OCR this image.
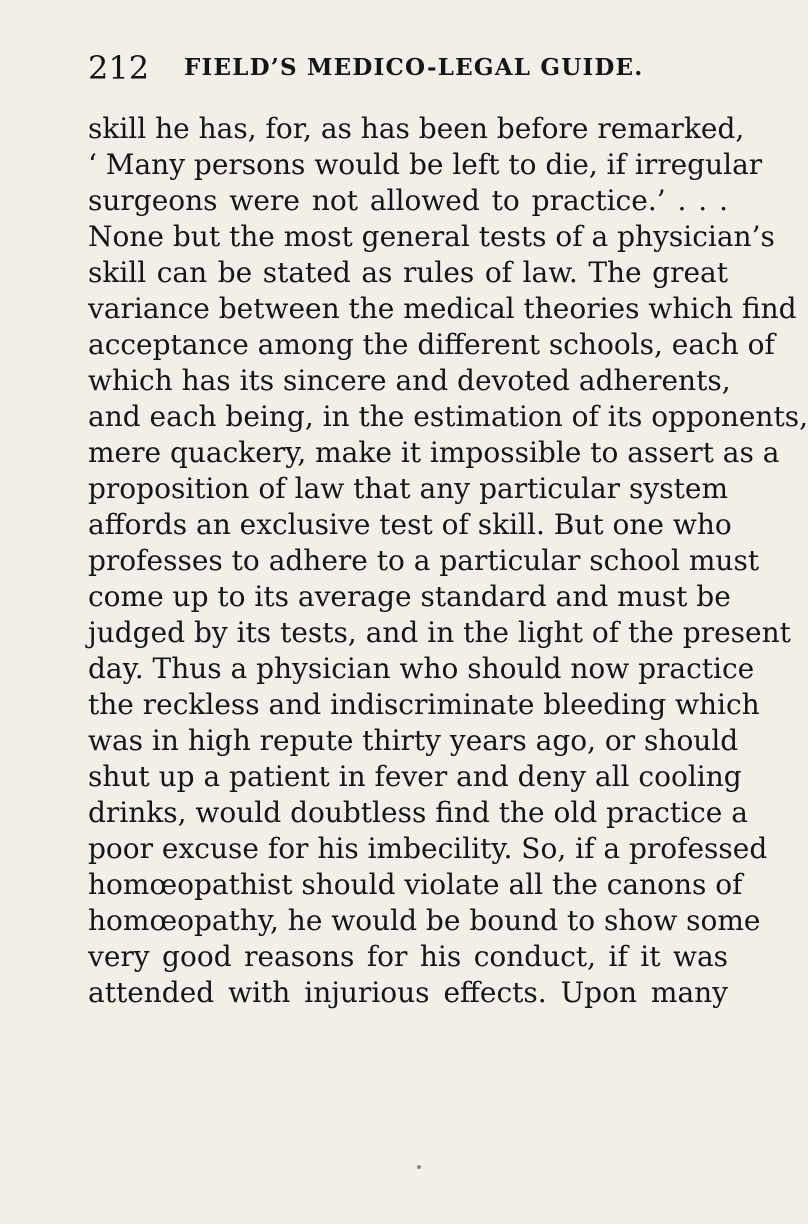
212 FIELD’S MEDICO-LEGAL GUIDE.
skill he has, for, as has been before remarked,
‘ Many persons would be left to die, if irregular
surgeons were not allowed to practice.’ . . .
None but the most general tests of a physician’s
skill can be stated as rules of law. The great
variance between the medical theories which find
acceptance among the different schools, each of
which has its sincere and devoted adherents,
and each being, in the estimation of its opponents,
mere quackery, make it impossible to assert as a
proposition of law that any particular system
affords an exclusive test of skill. But one who
professes to adhere to a particular school must
come up to its average standard and must be
judged by its tests, and in the light of the present
day. Thus a physician who should now practice
the reckless and indiscriminate bleeding which
was in high repute thirty years ago, or should
shut up a patient in fever and deny all cooling
drinks, would doubtless find the old practice a
poor excuse for his imbecility. So, if a professed
homœopathist should violate all the canons of
homœopathy, he would be bound to show some
very good reasons for his conduct, if it was
attended with injurious effects. Upon many
